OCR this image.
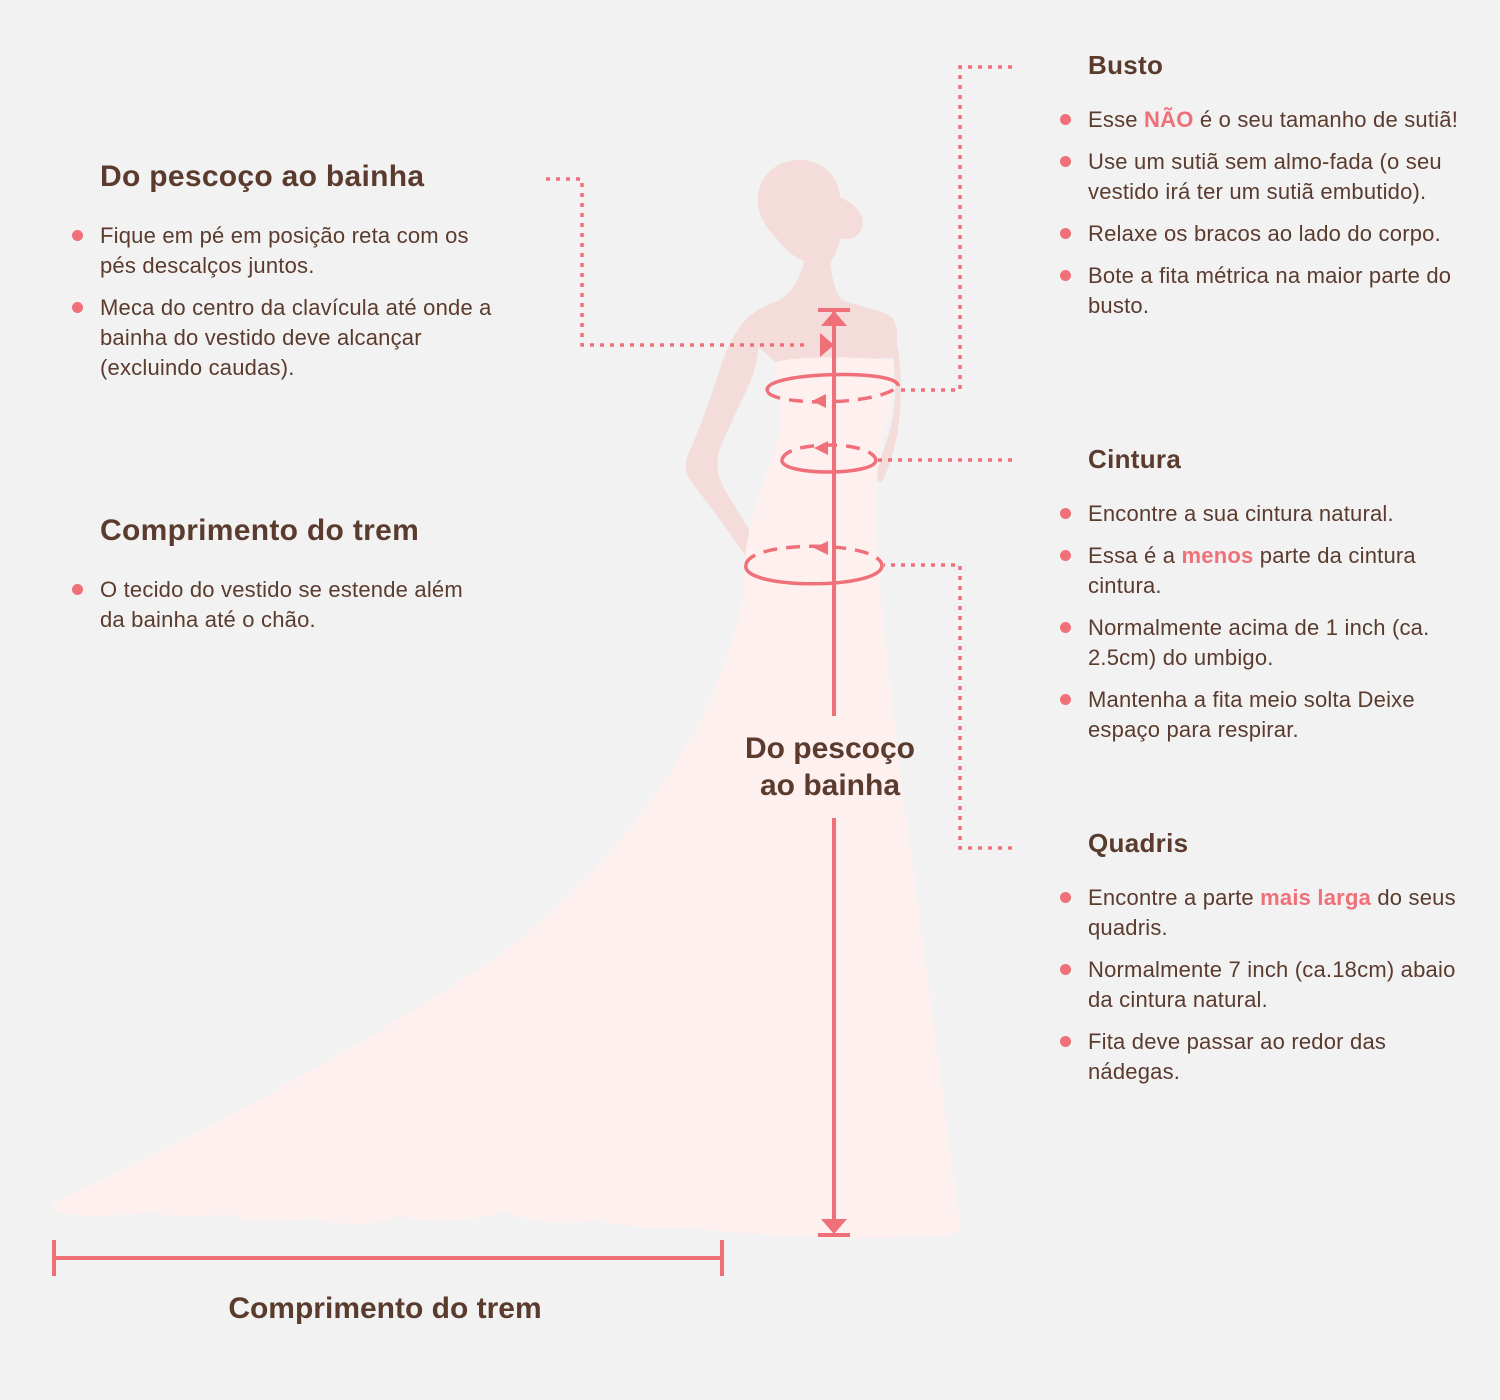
Do pescoço ao bainha
Fique em pé em posição reta com os pés descalços juntos.
Meca do centro da clavícula até onde a bainha do vestido deve alcançar (excluindo caudas).
Comprimento do trem
O tecido do vestido se estende além da bainha até o chão.
Busto
Esse NÃO é o seu tamanho de sutiã!
Use um sutiã sem almo-fada (o seu vestido irá ter um sutiã embutido).
Relaxe os bracos ao lado do corpo.
Bote a fita métrica na maior parte do busto.
Cintura
Encontre a sua cintura natural.
Essa é a menos parte da cintura cintura.
Normalmente acima de 1 inch (ca. 2.5cm) do umbigo.
Mantenha a fita meio solta Deixe espaço para respirar.
Quadris
Encontre a parte mais larga do seus quadris.
Normalmente 7 inch (ca.18cm) abaio da cintura natural.
Fita deve passar ao redor das nádegas.
Do pescoço
ao bainha
Comprimento do trem
